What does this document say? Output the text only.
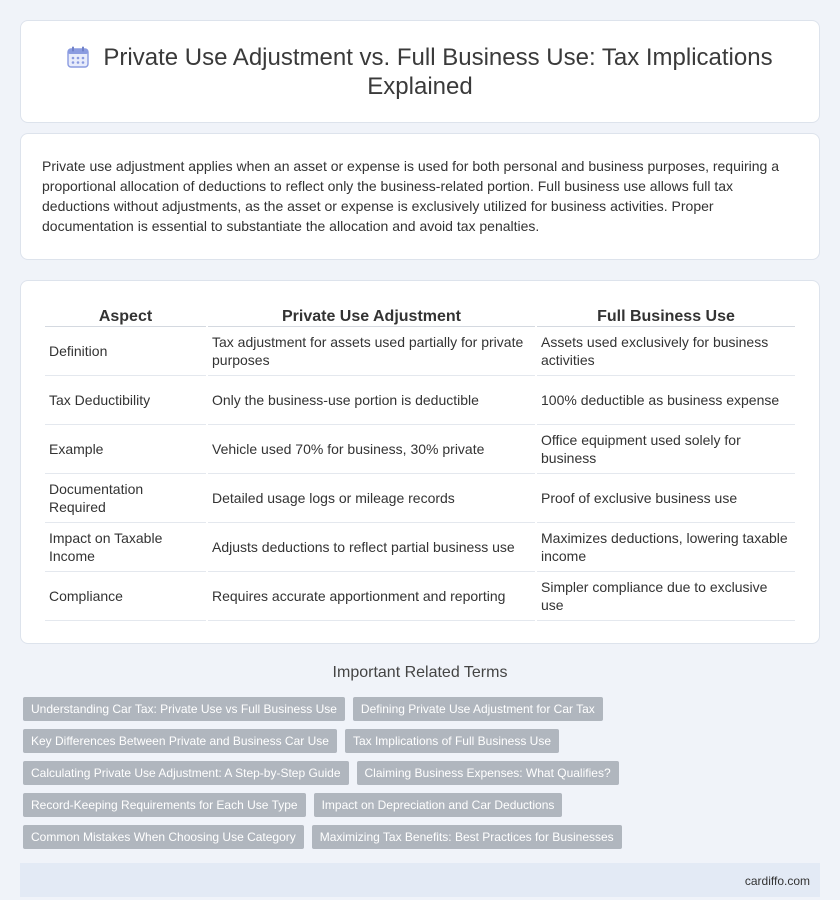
Private Use Adjustment vs. Full Business Use: Tax Implications Explained

Private use adjustment applies when an asset or expense is used for both personal and business purposes, requiring a proportional allocation of deductions to reflect only the business-related portion. Full business use allows full tax deductions without adjustments, as the asset or expense is exclusively utilized for business activities. Proper documentation is essential to substantiate the allocation and avoid tax penalties.

Aspect	Private Use Adjustment	Full Business Use
Definition	Tax adjustment for assets used partially for private purposes	Assets used exclusively for business activities
Tax Deductibility	Only the business-use portion is deductible	100% deductible as business expense
Example	Vehicle used 70% for business, 30% private	Office equipment used solely for business
Documentation Required	Detailed usage logs or mileage records	Proof of exclusive business use
Impact on Taxable Income	Adjusts deductions to reflect partial business use	Maximizes deductions, lowering taxable income
Compliance	Requires accurate apportionment and reporting	Simpler compliance due to exclusive use
Important Related Terms
Understanding Car Tax: Private Use vs Full Business Use	Defining Private Use Adjustment for Car Tax
Key Differences Between Private and Business Car Use	Tax Implications of Full Business Use
Calculating Private Use Adjustment: A Step-by-Step Guide	Claiming Business Expenses: What Qualifies?
Record-Keeping Requirements for Each Use Type	Impact on Depreciation and Car Deductions
Common Mistakes When Choosing Use Category	Maximizing Tax Benefits: Best Practices for Businesses
cardiffo.com
